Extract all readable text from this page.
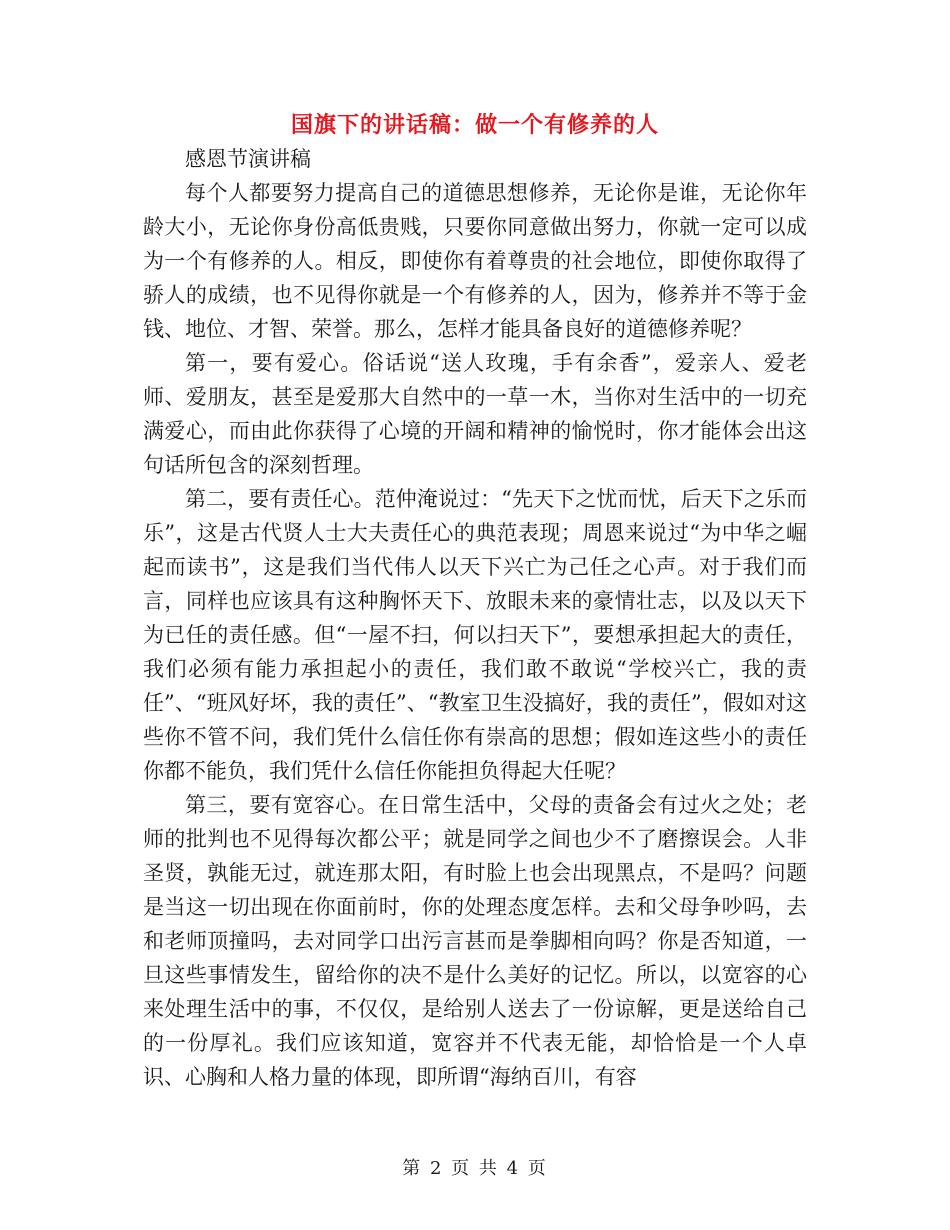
国旗下的讲话稿：做一个有修养的人

感恩节演讲稿

每个人都要努力提高自己的道德思想修养，无论你是谁，无论你年龄大小，无论你身份高低贵贱，只要你同意做出努力，你就一定可以成为一个有修养的人。相反，即使你有着尊贵的社会地位，即使你取得了骄人的成绩，也不见得你就是一个有修养的人，因为，修养并不等于金钱、地位、才智、荣誉。那么，怎样才能具备良好的道德修养呢？

第一，要有爱心。俗话说“送人玫瑰，手有余香”，爱亲人、爱老师、爱朋友，甚至是爱那大自然中的一草一木，当你对生活中的一切充满爱心，而由此你获得了心境的开阔和精神的愉悦时，你才能体会出这句话所包含的深刻哲理。

第二，要有责任心。范仲淹说过：“先天下之忧而忧，后天下之乐而乐”，这是古代贤人士大夫责任心的典范表现；周恩来说过“为中华之崛起而读书”，这是我们当代伟人以天下兴亡为己任之心声。对于我们而言，同样也应该具有这种胸怀天下、放眼未来的豪情壮志，以及以天下为已任的责任感。但“一屋不扫，何以扫天下”，要想承担起大的责任，我们必须有能力承担起小的责任，我们敢不敢说“学校兴亡，我的责任”、“班风好坏，我的责任”、“教室卫生没搞好，我的责任”，假如对这些你不管不问，我们凭什么信任你有崇高的思想；假如连这些小的责任你都不能负，我们凭什么信任你能担负得起大任呢？

第三，要有宽容心。在日常生活中，父母的责备会有过火之处；老师的批判也不见得每次都公平；就是同学之间也少不了磨擦误会。人非圣贤，孰能无过，就连那太阳，有时脸上也会出现黑点，不是吗？问题是当这一切出现在你面前时，你的处理态度怎样。去和父母争吵吗，去和老师顶撞吗，去对同学口出污言甚而是拳脚相向吗？你是否知道，一旦这些事情发生，留给你的决不是什么美好的记忆。所以，以宽容的心来处理生活中的事，不仅仅，是给别人送去了一份谅解，更是送给自己的一份厚礼。我们应该知道，宽容并不代表无能，却恰恰是一个人卓识、心胸和人格力量的体现，即所谓“海纳百川，有容

第 2 页 共 4 页
